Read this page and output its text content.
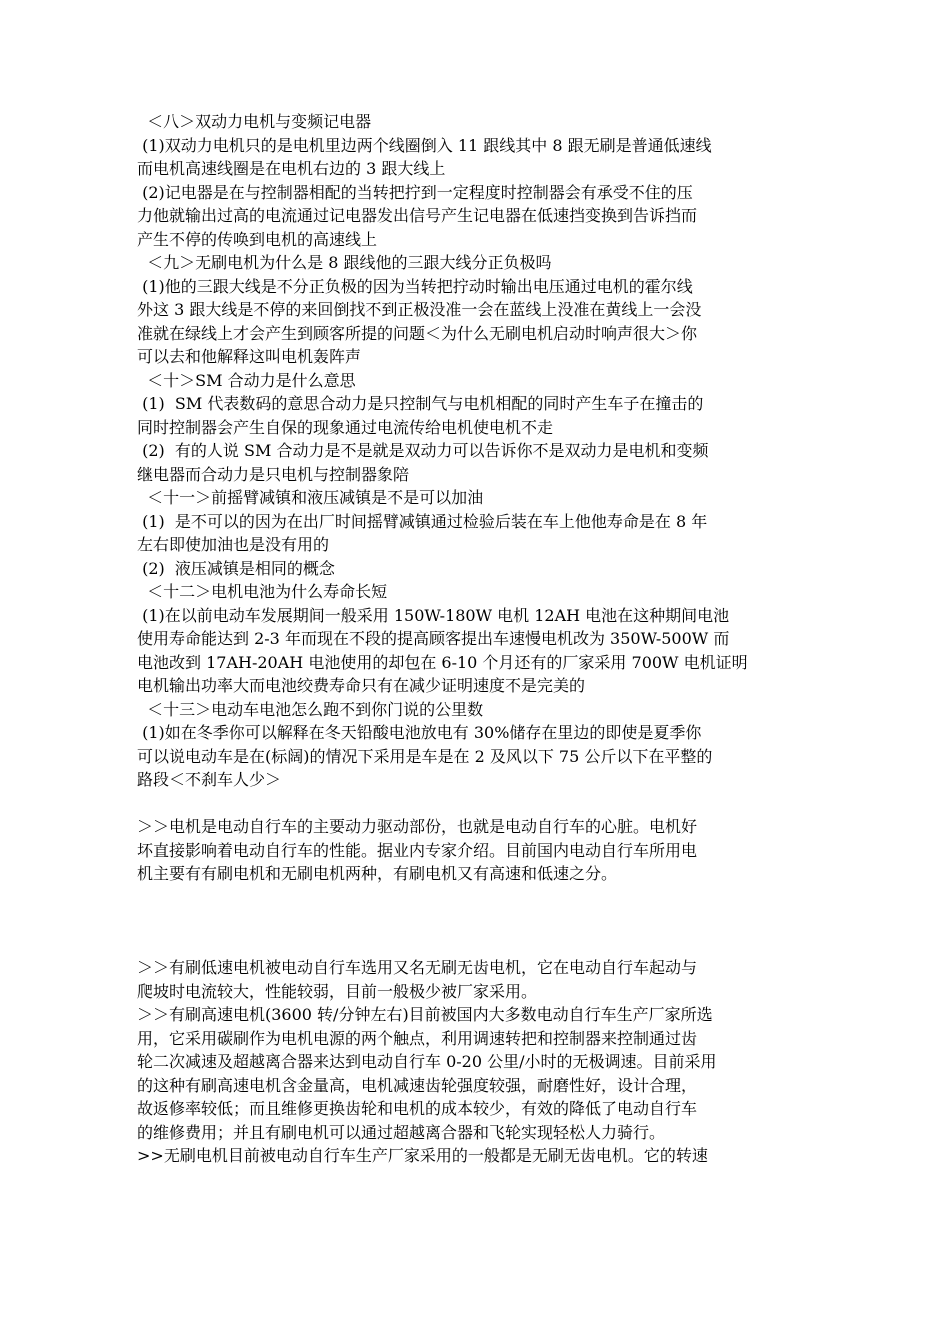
＜八＞双动力电机与变频记电器
(1)双动力电机只的是电机里边两个线圈倒入 11 跟线其中 8 跟无刷是普通低速线
而电机高速线圈是在电机右边的 3 跟大线上
(2)记电器是在与控制器相配的当转把拧到一定程度时控制器会有承受不住的压
力他就输出过高的电流通过记电器发出信号产生记电器在低速挡变换到告诉挡而
产生不停的传唤到电机的高速线上
＜九＞无刷电机为什么是 8 跟线他的三跟大线分正负极吗
(1)他的三跟大线是不分正负极的因为当转把拧动时输出电压通过电机的霍尔线
外这 3 跟大线是不停的来回倒找不到正极没准一会在蓝线上没准在黄线上一会没
准就在绿线上才会产生到顾客所提的问题＜为什么无刷电机启动时响声很大＞你
可以去和他解释这叫电机轰阵声
＜十＞SM 合动力是什么意思
(1)  SM 代表数码的意思合动力是只控制气与电机相配的同时产生车子在撞击的
同时控制器会产生自保的现象通过电流传给电机使电机不走
(2)  有的人说 SM 合动力是不是就是双动力可以告诉你不是双动力是电机和变频
继电器而合动力是只电机与控制器象陪
＜十一＞前摇臂减镇和液压减镇是不是可以加油
(1)  是不可以的因为在出厂时间摇臂减镇通过检验后装在车上他他寿命是在 8 年
左右即使加油也是没有用的
(2)  液压减镇是相同的概念
＜十二＞电机电池为什么寿命长短
(1)在以前电动车发展期间一般采用 150W-180W 电机 12AH 电池在这种期间电池
使用寿命能达到 2-3 年而现在不段的提高顾客提出车速慢电机改为 350W-500W 而
电池改到 17AH-20AH 电池使用的却包在 6-10 个月还有的厂家采用 700W 电机证明
电机输出功率大而电池绞费寿命只有在减少证明速度不是完美的
＜十三＞电动车电池怎么跑不到你门说的公里数
(1)如在冬季你可以解释在冬天铅酸电池放电有 30%储存在里边的即使是夏季你
可以说电动车是在(标阔)的情况下采用是车是在 2 及风以下 75 公斤以下在平整的
路段＜不刹车人少＞
＞＞电机是电动自行车的主要动力驱动部份，也就是电动自行车的心脏。电机好
坏直接影响着电动自行车的性能。据业内专家介绍。目前国内电动自行车所用电
机主要有有刷电机和无刷电机两种，有刷电机又有高速和低速之分。
＞＞有刷低速电机被电动自行车选用又名无刷无齿电机，它在电动自行车起动与
爬坡时电流较大，性能较弱，目前一般极少被厂家采用。
＞＞有刷高速电机(3600 转/分钟左右)目前被国内大多数电动自行车生产厂家所选
用，它采用碳刷作为电机电源的两个触点，利用调速转把和控制器来控制通过齿
轮二次减速及超越离合器来达到电动自行车 0-20 公里/小时的无极调速。目前采用
的这种有刷高速电机含金量高，电机减速齿轮强度较强，耐磨性好，设计合理，
故返修率较低；而且维修更换齿轮和电机的成本较少，有效的降低了电动自行车
的维修费用；并且有刷电机可以通过超越离合器和飞轮实现轻松人力骑行。
>>无刷电机目前被电动自行车生产厂家采用的一般都是无刷无齿电机。它的转速
